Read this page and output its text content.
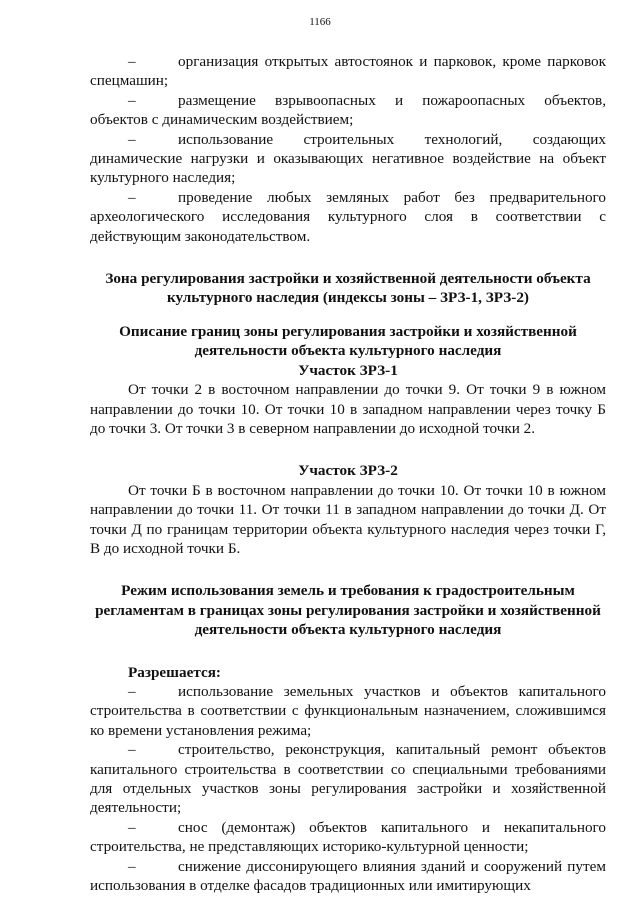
1166

–	организация открытых автостоянок и парковок, кроме парковок спецмашин;

–	размещение взрывоопасных и пожароопасных объектов, объектов с динамическим воздействием;

–	использование строительных технологий, создающих динамические нагрузки и оказывающих негативное воздействие на объект культурного наследия;

–	проведение любых земляных работ без предварительного археологического исследования культурного слоя в соответствии с действующим законодательством.

Зона регулирования застройки и хозяйственной деятельности объекта культурного наследия (индексы зоны – ЗРЗ-1, ЗРЗ-2)

Описание границ зоны регулирования застройки и хозяйственной деятельности объекта культурного наследия

Участок ЗРЗ-1

От точки 2 в восточном направлении до точки 9. От точки 9 в южном направлении до точки 10. От точки 10 в западном направлении через точку Б до точки 3. От точки 3 в северном направлении до исходной точки 2.

Участок ЗРЗ-2

От точки Б в восточном направлении до точки 10. От точки 10 в южном направлении до точки 11. От точки 11 в западном направлении до точки Д. От точки Д по границам территории объекта культурного наследия через точки Г, В до исходной точки Б.

Режим использования земель и требования к градостроительным регламентам в границах зоны регулирования застройки и хозяйственной деятельности объекта культурного наследия

Разрешается:

–	использование земельных участков и объектов капитального строительства в соответствии с функциональным назначением, сложившимся ко времени установления режима;

–	строительство, реконструкция, капитальный ремонт объектов капитального строительства в соответствии со специальными требованиями для отдельных участков зоны регулирования застройки и хозяйственной деятельности;

–	снос (демонтаж) объектов капитального и некапитального строительства, не представляющих историко-культурной ценности;

–	снижение диссонирующего влияния зданий и сооружений путем использования в отделке фасадов традиционных или имитирующих
